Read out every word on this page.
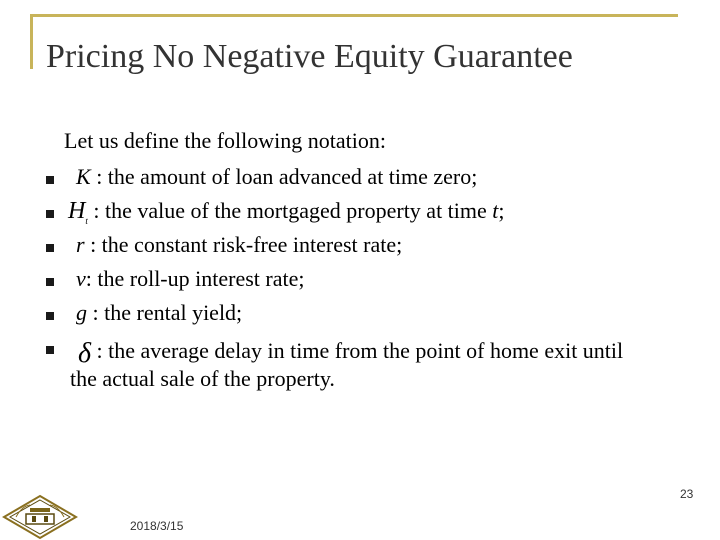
Pricing No Negative Equity Guarantee
Let us define the following notation:
K : the amount of loan advanced at time zero;
$H_t$ : the value of the mortgaged property at time t;
r : the constant risk-free interest rate;
v: the roll-up interest rate;
g : the rental yield;
δ : the average delay in time from the point of home exit until
the actual sale of the property.
2018/3/15
23
